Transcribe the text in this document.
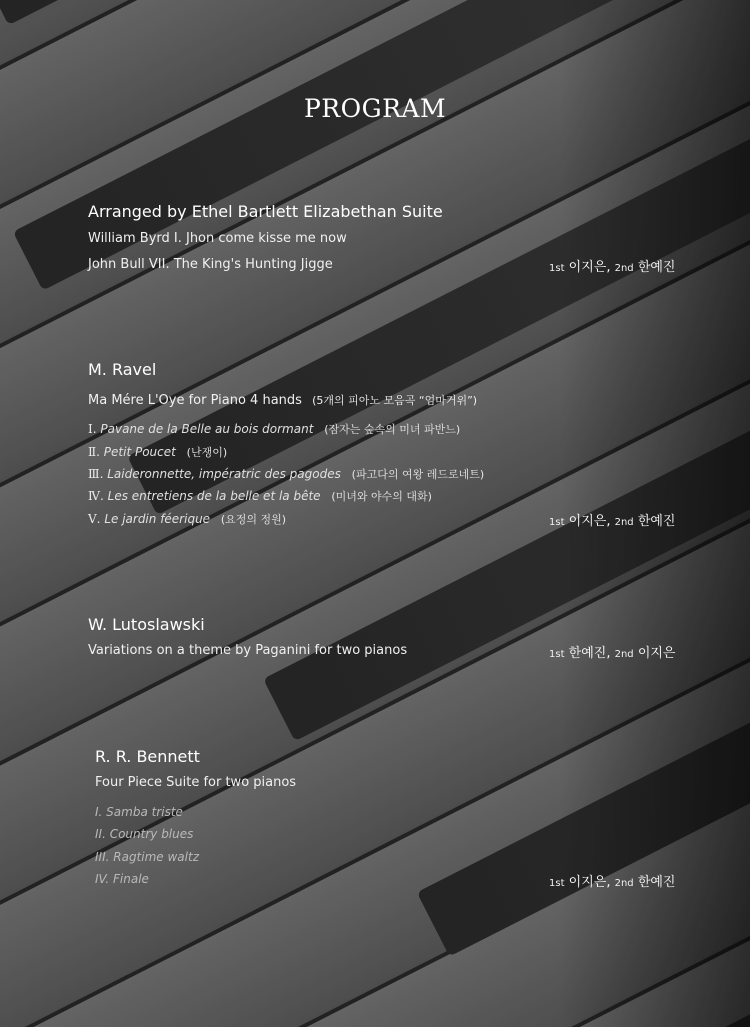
PROGRAM
Arranged by Ethel Bartlett Elizabethan Suite
William Byrd I. Jhon come kisse me now
John Bull VII. The King's Hunting Jigge	1st 이지은, 2nd 한예진
M. Ravel
Ma Mére L'Oye for Piano 4 hands (5개의 피아노 모음곡 “엄마거위”)
Ⅰ. Pavane de la Belle au bois dormant (잠자는 숲속의 미녀 파반느)
Ⅱ. Petit Poucet (난쟁이)
Ⅲ. Laideronnette, impératric des pagodes (파고다의 여왕 레드로네트)
Ⅳ. Les entretiens de la belle et la bête (미녀와 야수의 대화)
Ⅴ. Le jardin féerique (요정의 정원)	1st 이지은, 2nd 한예진
W. Lutoslawski
Variations on a theme by Paganini for two pianos	1st 한예진, 2nd 이지은
R. R. Bennett
Four Piece Suite for two pianos
I. Samba triste
II. Country blues
III. Ragtime waltz
IV. Finale	1st 이지은, 2nd 한예진
